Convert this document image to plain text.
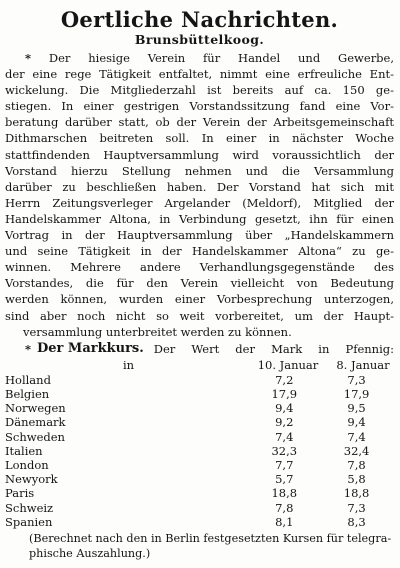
Oertliche Nachrichten.
Brunsbüttelkoog.
* Der hiesige Verein für Handel und Gewerbe,
der eine rege Tätigkeit entfaltet, nimmt eine erfreuliche Ent-
wickelung. Die Mitgliederzahl ist bereits auf ca. 150 ge-
stiegen. In einer gestrigen Vorstandssitzung fand eine Vor-
beratung darüber statt, ob der Verein der Arbeitsgemeinschaft
Dithmarschen beitreten soll. In einer in nächster Woche
stattfindenden Hauptversammlung wird voraussichtlich der
Vorstand hierzu Stellung nehmen und die Versammlung
darüber zu beschließen haben. Der Vorstand hat sich mit
Herrn Zeitungsverleger Argelander (Meldorf), Mitglied der
Handelskammer Altona, in Verbindung gesetzt, ihn für einen
Vortrag in der Hauptversammlung über „Handelskammern
und seine Tätigkeit in der Handelskammer Altona“ zu ge-
winnen. Mehrere andere Verhandlungsgegenstände des
Vorstandes, die für den Verein vielleicht von Bedeutung
werden können, wurden einer Vorbesprechung unterzogen,
sind aber noch nicht so weit vorbereitet, um der Haupt-
versammlung unterbreitet werden zu können.
* Der Markkurs. Der Wert der Mark in Pfennig:
in	10. Januar	8. Januar
Holland	7,2	7,3
Belgien	17,9	17,9
Norwegen	9,4	9,5
Dänemark	9,2	9,4
Schweden	7,4	7,4
Italien	32,3	32,4
London	7,7	7,8
Newyork	5,7	5,8
Paris	18,8	18,8
Schweiz	7,8	7,3
Spanien	8,1	8,3
(Berechnet nach den in Berlin festgesetzten Kursen für telegra-
phische Auszahlung.)
